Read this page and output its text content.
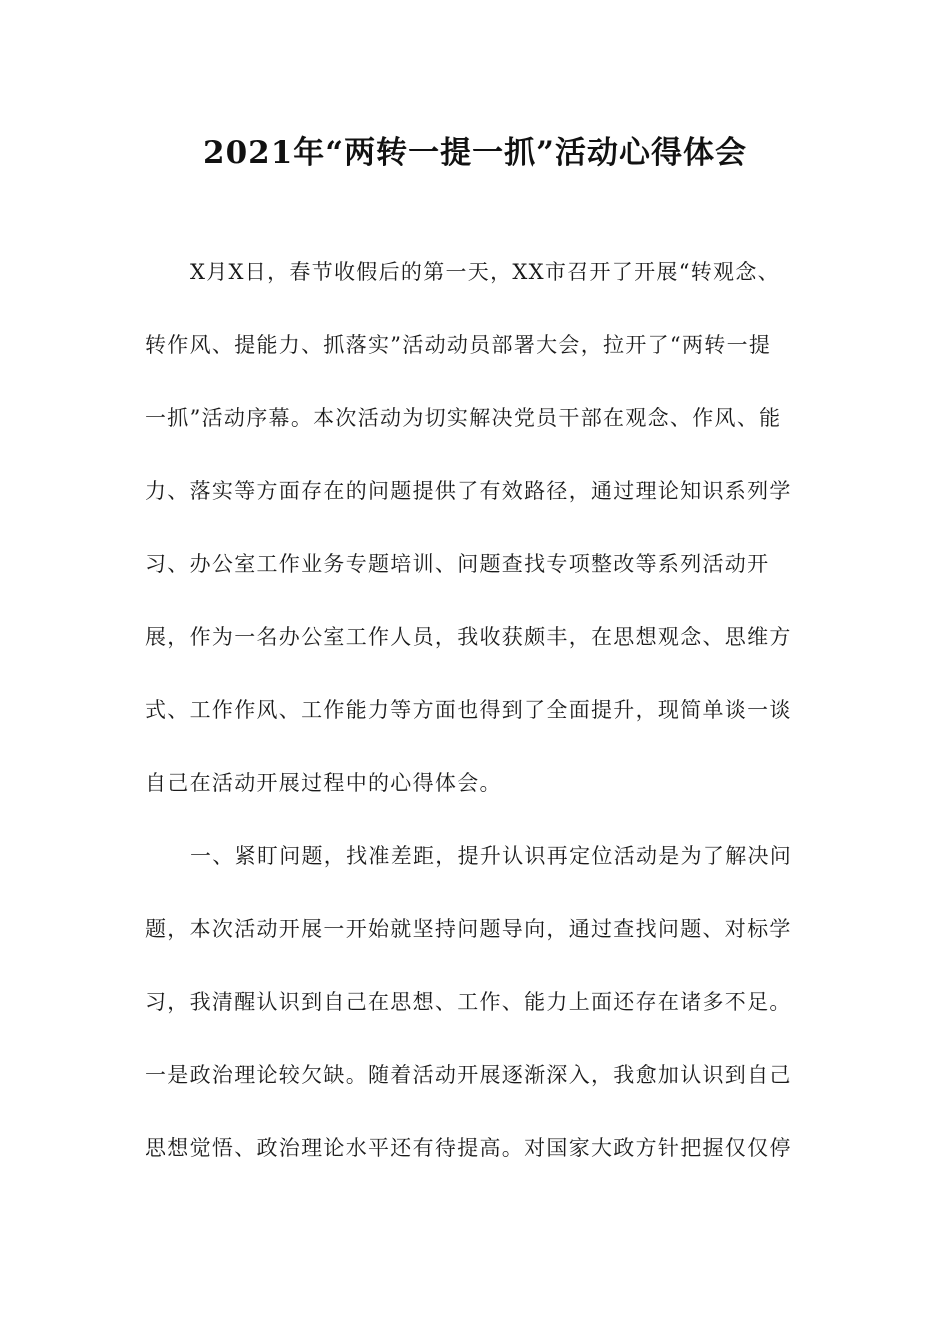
2021年“两转一提一抓”活动心得体会
X月X日，春节收假后的第一天，XX市召开了开展“转观念、
转作风、提能力、抓落实”活动动员部署大会，拉开了“两转一提
一抓”活动序幕。本次活动为切实解决党员干部在观念、作风、能
力、落实等方面存在的问题提供了有效路径，通过理论知识系列学
习、办公室工作业务专题培训、问题查找专项整改等系列活动开
展，作为一名办公室工作人员，我收获颇丰，在思想观念、思维方
式、工作作风、工作能力等方面也得到了全面提升，现简单谈一谈
自己在活动开展过程中的心得体会。
一、紧盯问题，找准差距，提升认识再定位活动是为了解决问
题，本次活动开展一开始就坚持问题导向，通过查找问题、对标学
习，我清醒认识到自己在思想、工作、能力上面还存在诸多不足。
一是政治理论较欠缺。随着活动开展逐渐深入，我愈加认识到自己
思想觉悟、政治理论水平还有待提高。对国家大政方针把握仅仅停
